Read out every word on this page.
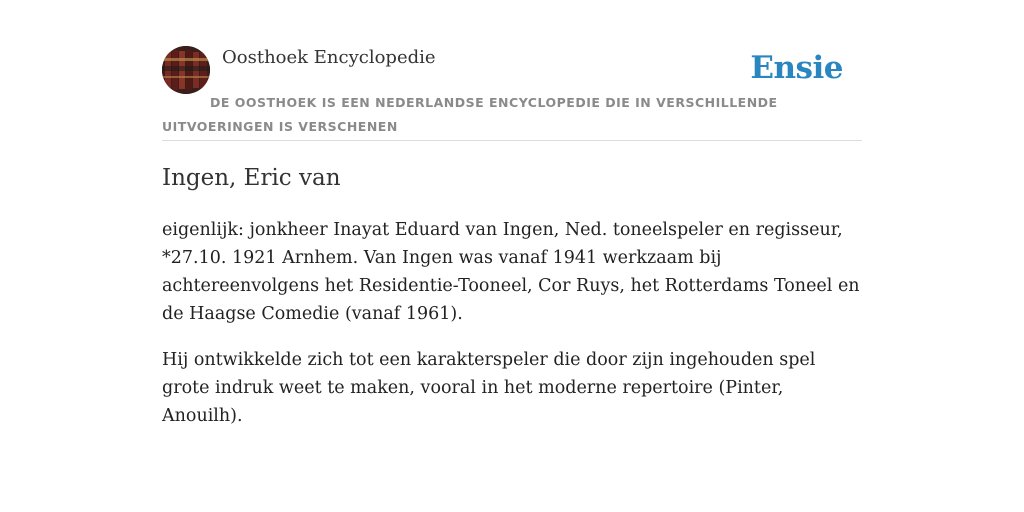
Oosthoek Encyclopedie	Ensie
DE OOSTHOEK IS EEN NEDERLANDSE ENCYCLOPEDIE DIE IN VERSCHILLENDE UITVOERINGEN IS VERSCHENEN
Ingen, Eric van

eigenlijk: jonkheer Inayat Eduard van Ingen, Ned. toneelspeler en regisseur, *27.10. 1921 Arnhem. Van Ingen was vanaf 1941 werkzaam bij achtereenvolgens het Residentie-Tooneel, Cor Ruys, het Rotterdams Toneel en de Haagse Comedie (vanaf 1961).

Hij ontwikkelde zich tot een karakterspeler die door zijn ingehouden spel grote indruk weet te maken, vooral in het moderne repertoire (Pinter, Anouilh).
